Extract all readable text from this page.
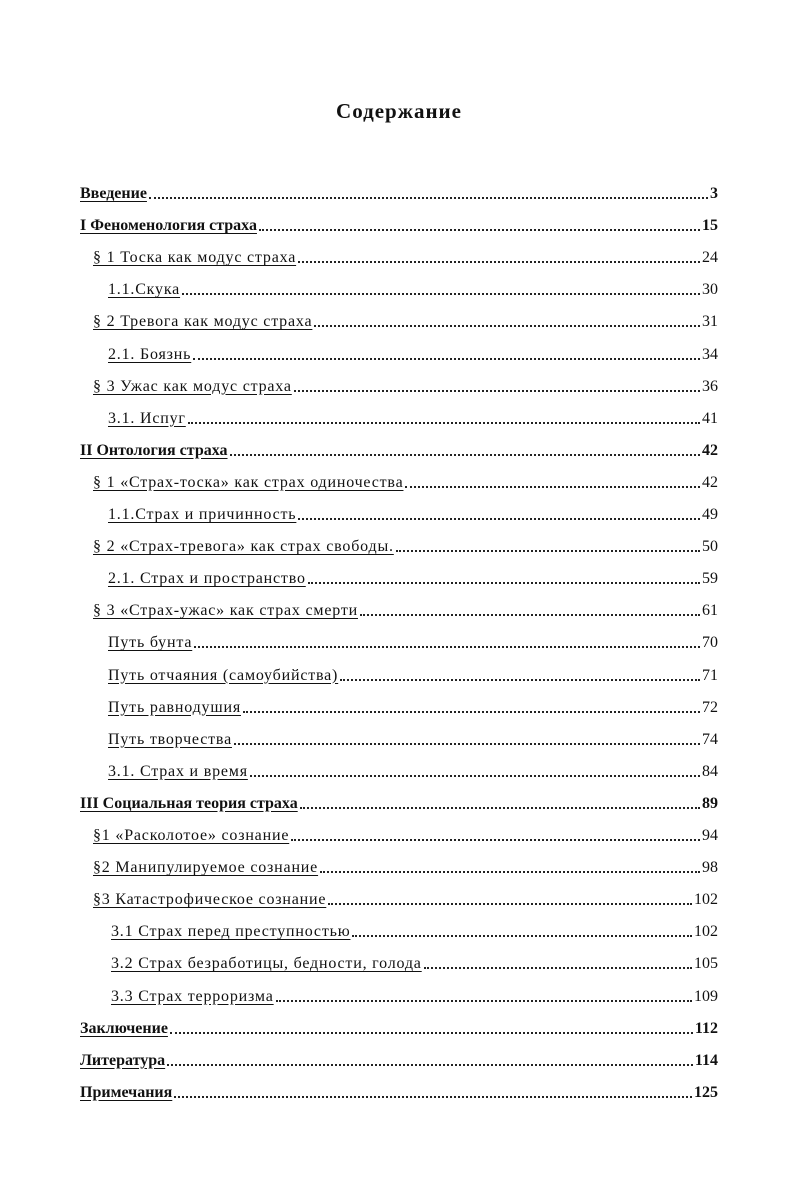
Содержание
Введение	3
I Феноменология страха	15
§ 1 Тоска как модус страха	24
1.1.Скука	30
§ 2 Тревога как модус страха	31
2.1. Боязнь	34
§ 3 Ужас как модус страха	36
3.1. Испуг	41
II Онтология страха	42
§ 1 «Страх-тоска» как страх одиночества	42
1.1.Страх и причинность	49
§ 2 «Страх-тревога» как страх свободы.	50
2.1. Страх и пространство	59
§ 3 «Страх-ужас» как страх смерти	61
Путь бунта	70
Путь отчаяния (самоубийства)	71
Путь равнодушия	72
Путь творчества	74
3.1. Страх и время	84
III Социальная теория страха	89
§1 «Расколотое» сознание	94
§2 Манипулируемое сознание	98
§3 Катастрофическое сознание	102
3.1 Страх перед преступностью	102
3.2 Страх безработицы, бедности, голода	105
3.3 Страх терроризма	109
Заключение	112
Литература	114
Примечания	125
